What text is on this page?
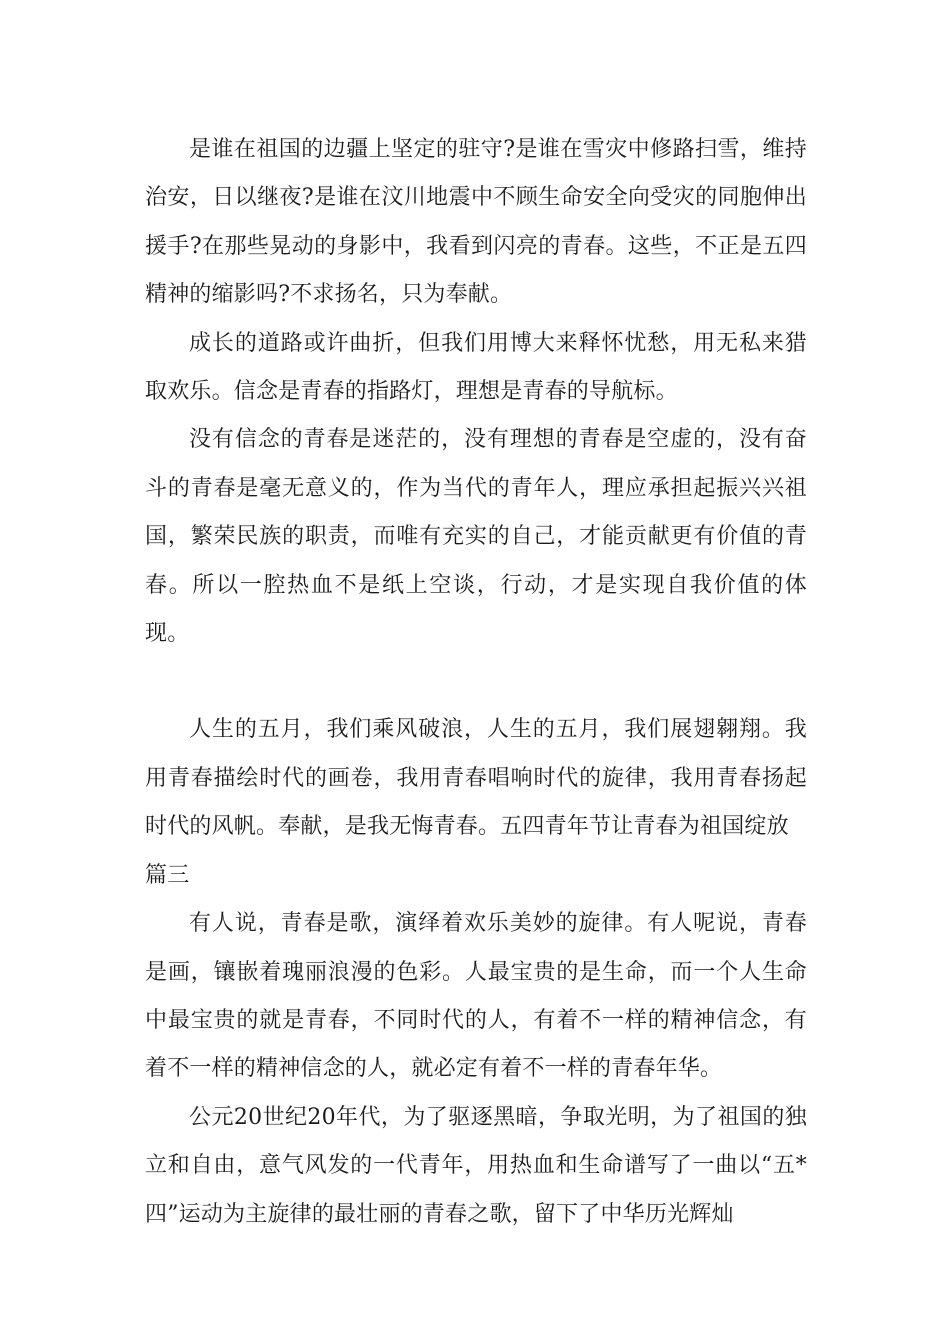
是谁在祖国的边疆上坚定的驻守?是谁在雪灾中修路扫雪，维持治安，日以继夜?是谁在汶川地震中不顾生命安全向受灾的同胞伸出援手?在那些晃动的身影中，我看到闪亮的青春。这些，不正是五四精神的缩影吗?不求扬名，只为奉献。

成长的道路或许曲折，但我们用博大来释怀忧愁，用无私来猎取欢乐。信念是青春的指路灯，理想是青春的导航标。

没有信念的青春是迷茫的，没有理想的青春是空虚的，没有奋斗的青春是毫无意义的，作为当代的青年人，理应承担起振兴兴祖国，繁荣民族的职责，而唯有充实的自己，才能贡献更有价值的青春。所以一腔热血不是纸上空谈，行动，才是实现自我价值的体现。

人生的五月，我们乘风破浪，人生的五月，我们展翅翱翔。我用青春描绘时代的画卷，我用青春唱响时代的旋律，我用青春扬起时代的风帆。奉献，是我无悔青春。五四青年节让青春为祖国绽放

篇三

有人说，青春是歌，演绎着欢乐美妙的旋律。有人呢说，青春是画，镶嵌着瑰丽浪漫的色彩。人最宝贵的是生命，而一个人生命中最宝贵的就是青春，不同时代的人，有着不一样的精神信念，有着不一样的精神信念的人，就必定有着不一样的青春年华。

公元20世纪20年代，为了驱逐黑暗，争取光明，为了祖国的独立和自由，意气风发的一代青年，用热血和生命谱写了一曲以“五*四”运动为主旋律的最壮丽的青春之歌，留下了中华历光辉灿
